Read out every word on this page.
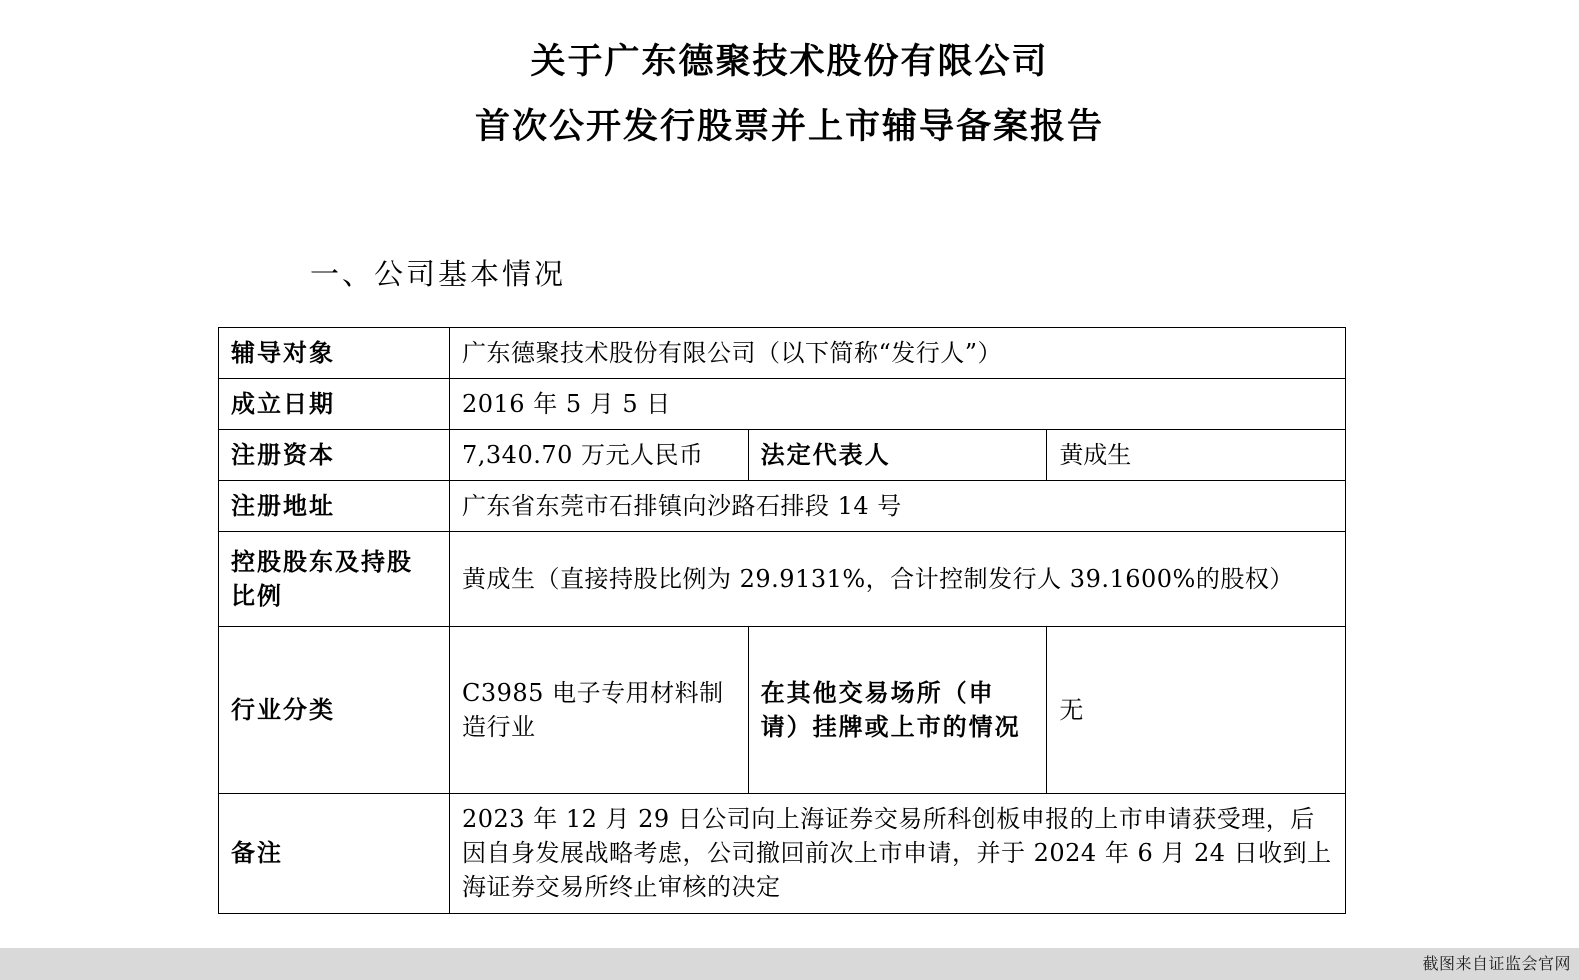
关于广东德聚技术股份有限公司
首次公开发行股票并上市辅导备案报告
一、公司基本情况
辅导对象	广东德聚技术股份有限公司（以下简称“发行人”）		
成立日期	2016 年 5 月 5 日		
注册资本	7,340.70 万元人民币	法定代表人	黄成生
注册地址	广东省东莞市石排镇向沙路石排段 14 号		
控股股东及持股比例	黄成生（直接持股比例为 29.9131%，合计控制发行人 39.1600%的股权）		
行业分类	C3985 电子专用材料制造行业	在其他交易场所（申请）挂牌或上市的情况	无
备注	2023 年 12 月 29 日公司向上海证券交易所科创板申报的上市申请获受理，后因自身发展战略考虑，公司撤回前次上市申请，并于 2024 年 6 月 24 日收到上海证券交易所终止审核的决定		
截图来自证监会官网
